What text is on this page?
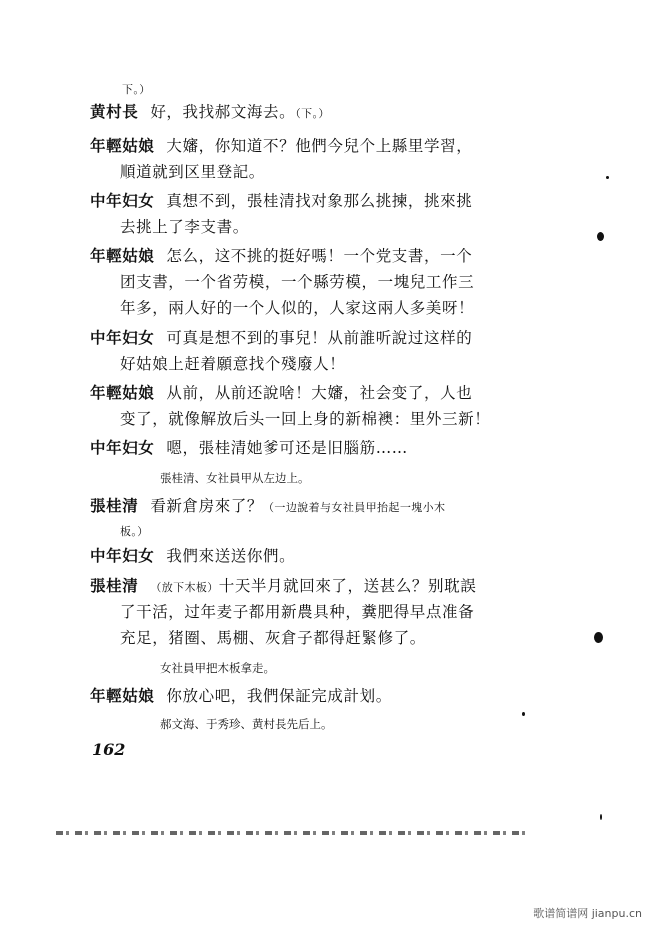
下。）
黄村長 好，我找郝文海去。（下。）
年輕姑娘 大嬸，你知道不？他們今兒个上縣里学習，
順道就到区里登記。
中年妇女 真想不到，張桂清找对象那么挑揀，挑來挑
去挑上了李支書。
年輕姑娘 怎么，这不挑的挺好嗎！一个党支書，一个
团支書，一个省劳模，一个縣劳模，一塊兒工作三
年多，兩人好的一个人似的，人家这兩人多美呀！
中年妇女 可真是想不到的事兒！从前誰听說过这样的
好姑娘上赶着願意找个殘廢人！
年輕姑娘 从前，从前还說啥！大嬸，社会变了，人也
变了，就像解放后头一回上身的新棉襖：里外三新！
中年妇女 嗯，張桂清她爹可还是旧腦筋……
張桂清、女社員甲从左边上。
張桂清 看新倉房來了？（一边說着与女社員甲抬起一塊小木
板。）
中年妇女 我們來送送你們。
張桂清 （放下木板）十天半月就回來了，送甚么？别耽誤
了干活，过年麦子都用新農具种，糞肥得早点准备
充足，猪圈、馬棚、灰倉子都得赶緊修了。
女社員甲把木板拿走。
年輕姑娘 你放心吧，我們保証完成計划。
郝文海、于秀珍、黄村長先后上。
162
歌谱简谱网 jianpu.cn
